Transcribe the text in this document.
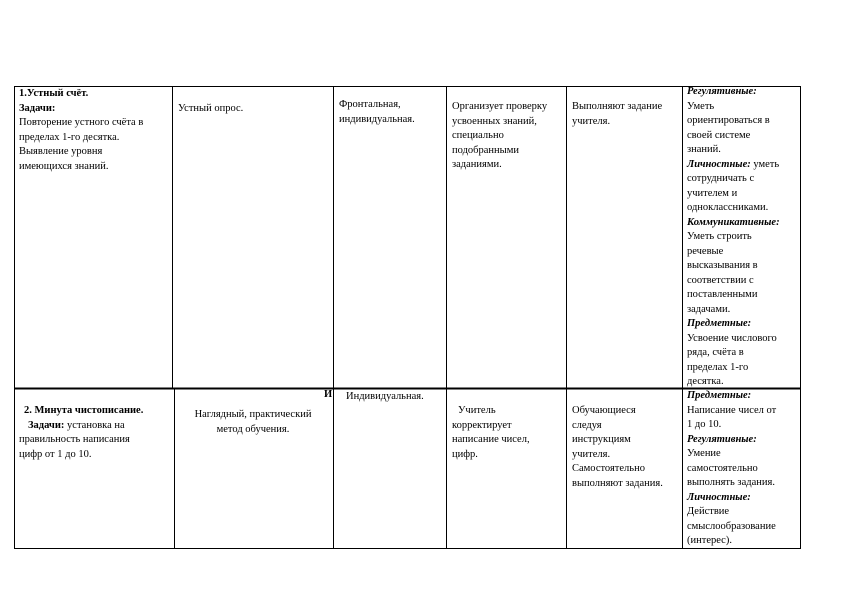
1.Устный счёт.
Задачи:
Повторение устного счёта в
пределах 1-го десятка.
Выявление уровня
имеющихся знаний.
Устный опрос.	Фронтальная,
индивидуальная.
Организует проверку
усвоенных знаний,
специально
подобранными
заданиями.
Выполняют задание
учителя.
Регулятивные:
Уметь
ориентироваться в
своей системе
знаний.
Личностные: уметь
сотрудничать с
учителем и
одноклассниками.
Коммуникативные:
Уметь строить
речевые
высказывания в
соответствии с
поставленными
задачами.
Предметные:
Усвоение числового
ряда, счёта в
пределах 1-го
десятка.
2. Минута чистописание.
Задачи: установка на
правильность написания
цифр от 1 до 10.
И
Наглядный, практический
метод обучения.
Индивидуальная.
Учитель
корректирует
написание чисел,
цифр.
Обучающиеся
следуя
инструкциям
учителя.
Самостоятельно
выполняют задания.
Предметные:
Написание чисел от
1 до 10.
Регулятивные:
Умение
самостоятельно
выполнять задания.
Личностные:
Действие
смыслообразование
(интерес).
